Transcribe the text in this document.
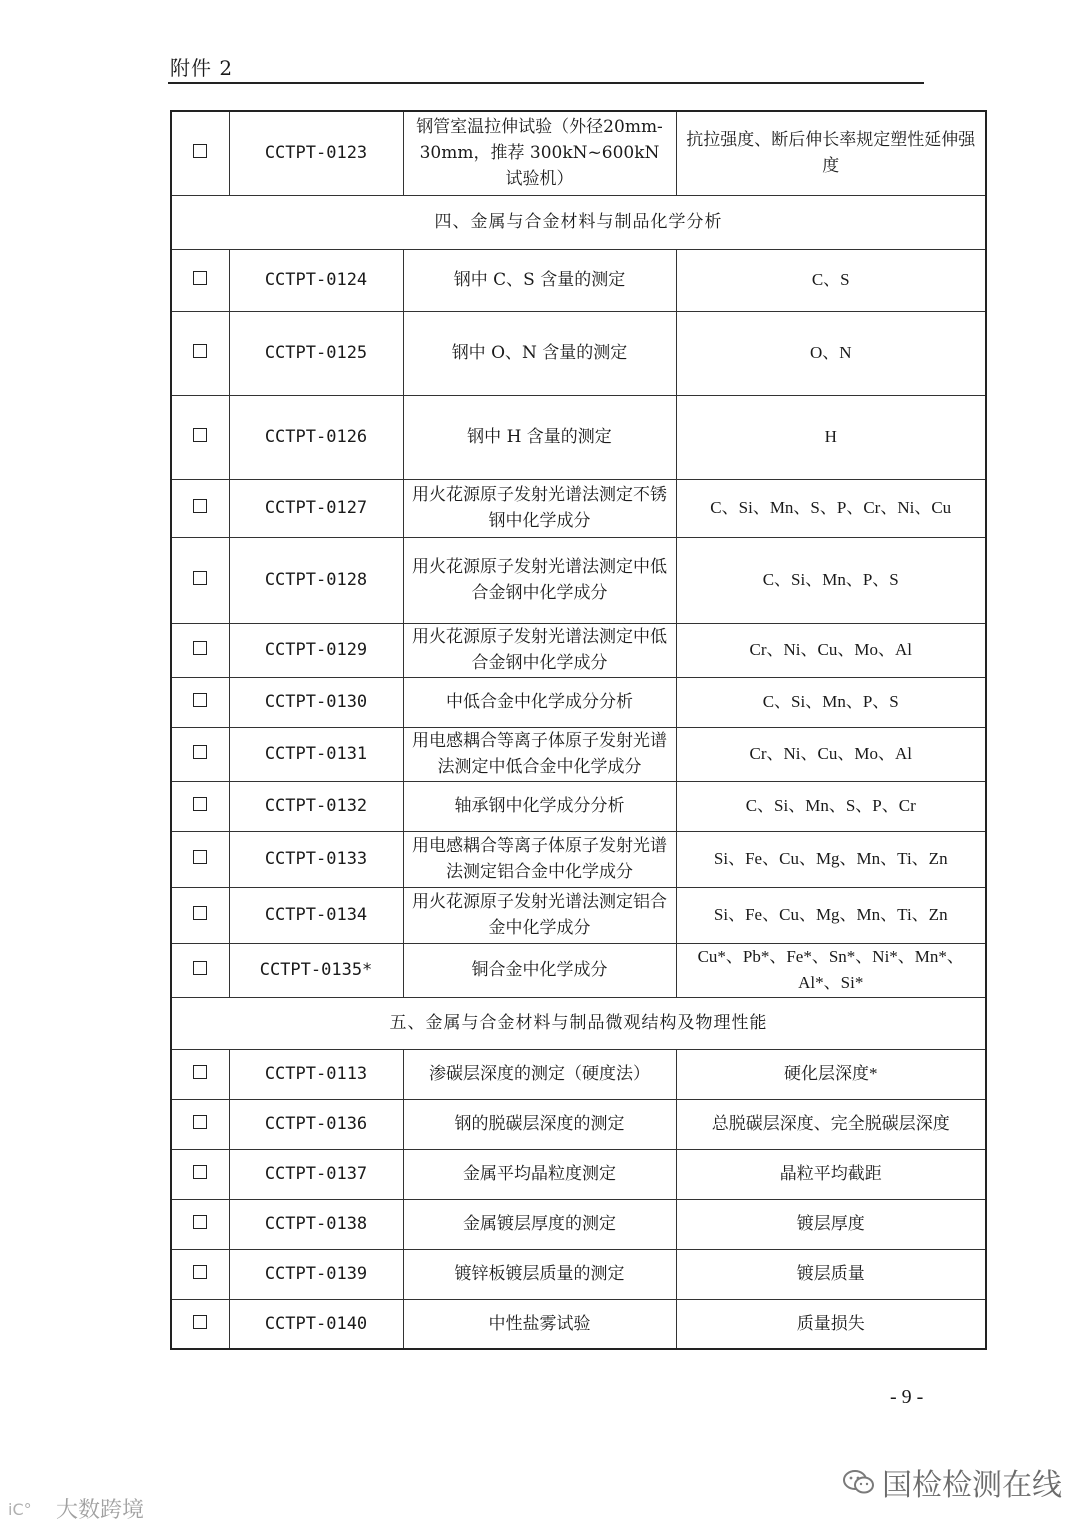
附件 2
	CCTPT-0123	钢管室温拉伸试验（外径20mm-30mm，推荐 300kN~600kN 试验机）	抗拉强度、断后伸长率规定塑性延伸强度
四、金属与合金材料与制品化学分析			
	CCTPT-0124	钢中 C、S 含量的测定	C、S
	CCTPT-0125	钢中 O、N 含量的测定	O、N
	CCTPT-0126	钢中 H 含量的测定	H
	CCTPT-0127	用火花源原子发射光谱法测定不锈钢中化学成分	C、Si、Mn、S、P、Cr、Ni、Cu
	CCTPT-0128	用火花源原子发射光谱法测定中低合金钢中化学成分	C、Si、Mn、P、S
	CCTPT-0129	用火花源原子发射光谱法测定中低合金钢中化学成分	Cr、Ni、Cu、Mo、Al
	CCTPT-0130	中低合金中化学成分分析	C、Si、Mn、P、S
	CCTPT-0131	用电感耦合等离子体原子发射光谱法测定中低合金中化学成分	Cr、Ni、Cu、Mo、Al
	CCTPT-0132	轴承钢中化学成分分析	C、Si、Mn、S、P、Cr
	CCTPT-0133	用电感耦合等离子体原子发射光谱法测定铝合金中化学成分	Si、Fe、Cu、Mg、Mn、Ti、Zn
	CCTPT-0134	用火花源原子发射光谱法测定铝合金中化学成分	Si、Fe、Cu、Mg、Mn、Ti、Zn
	CCTPT-0135*	铜合金中化学成分	Cu*、Pb*、Fe*、Sn*、Ni*、Mn*、Al*、Si*
五、金属与合金材料与制品微观结构及物理性能			
	CCTPT-0113	渗碳层深度的测定（硬度法）	硬化层深度*
	CCTPT-0136	钢的脱碳层深度的测定	总脱碳层深度、完全脱碳层深度
	CCTPT-0137	金属平均晶粒度测定	晶粒平均截距
	CCTPT-0138	金属镀层厚度的测定	镀层厚度
	CCTPT-0139	镀锌板镀层质量的测定	镀层质量
	CCTPT-0140	中性盐雾试验	质量损失
- 9 -
国检检测在线
iC° 大数跨境
